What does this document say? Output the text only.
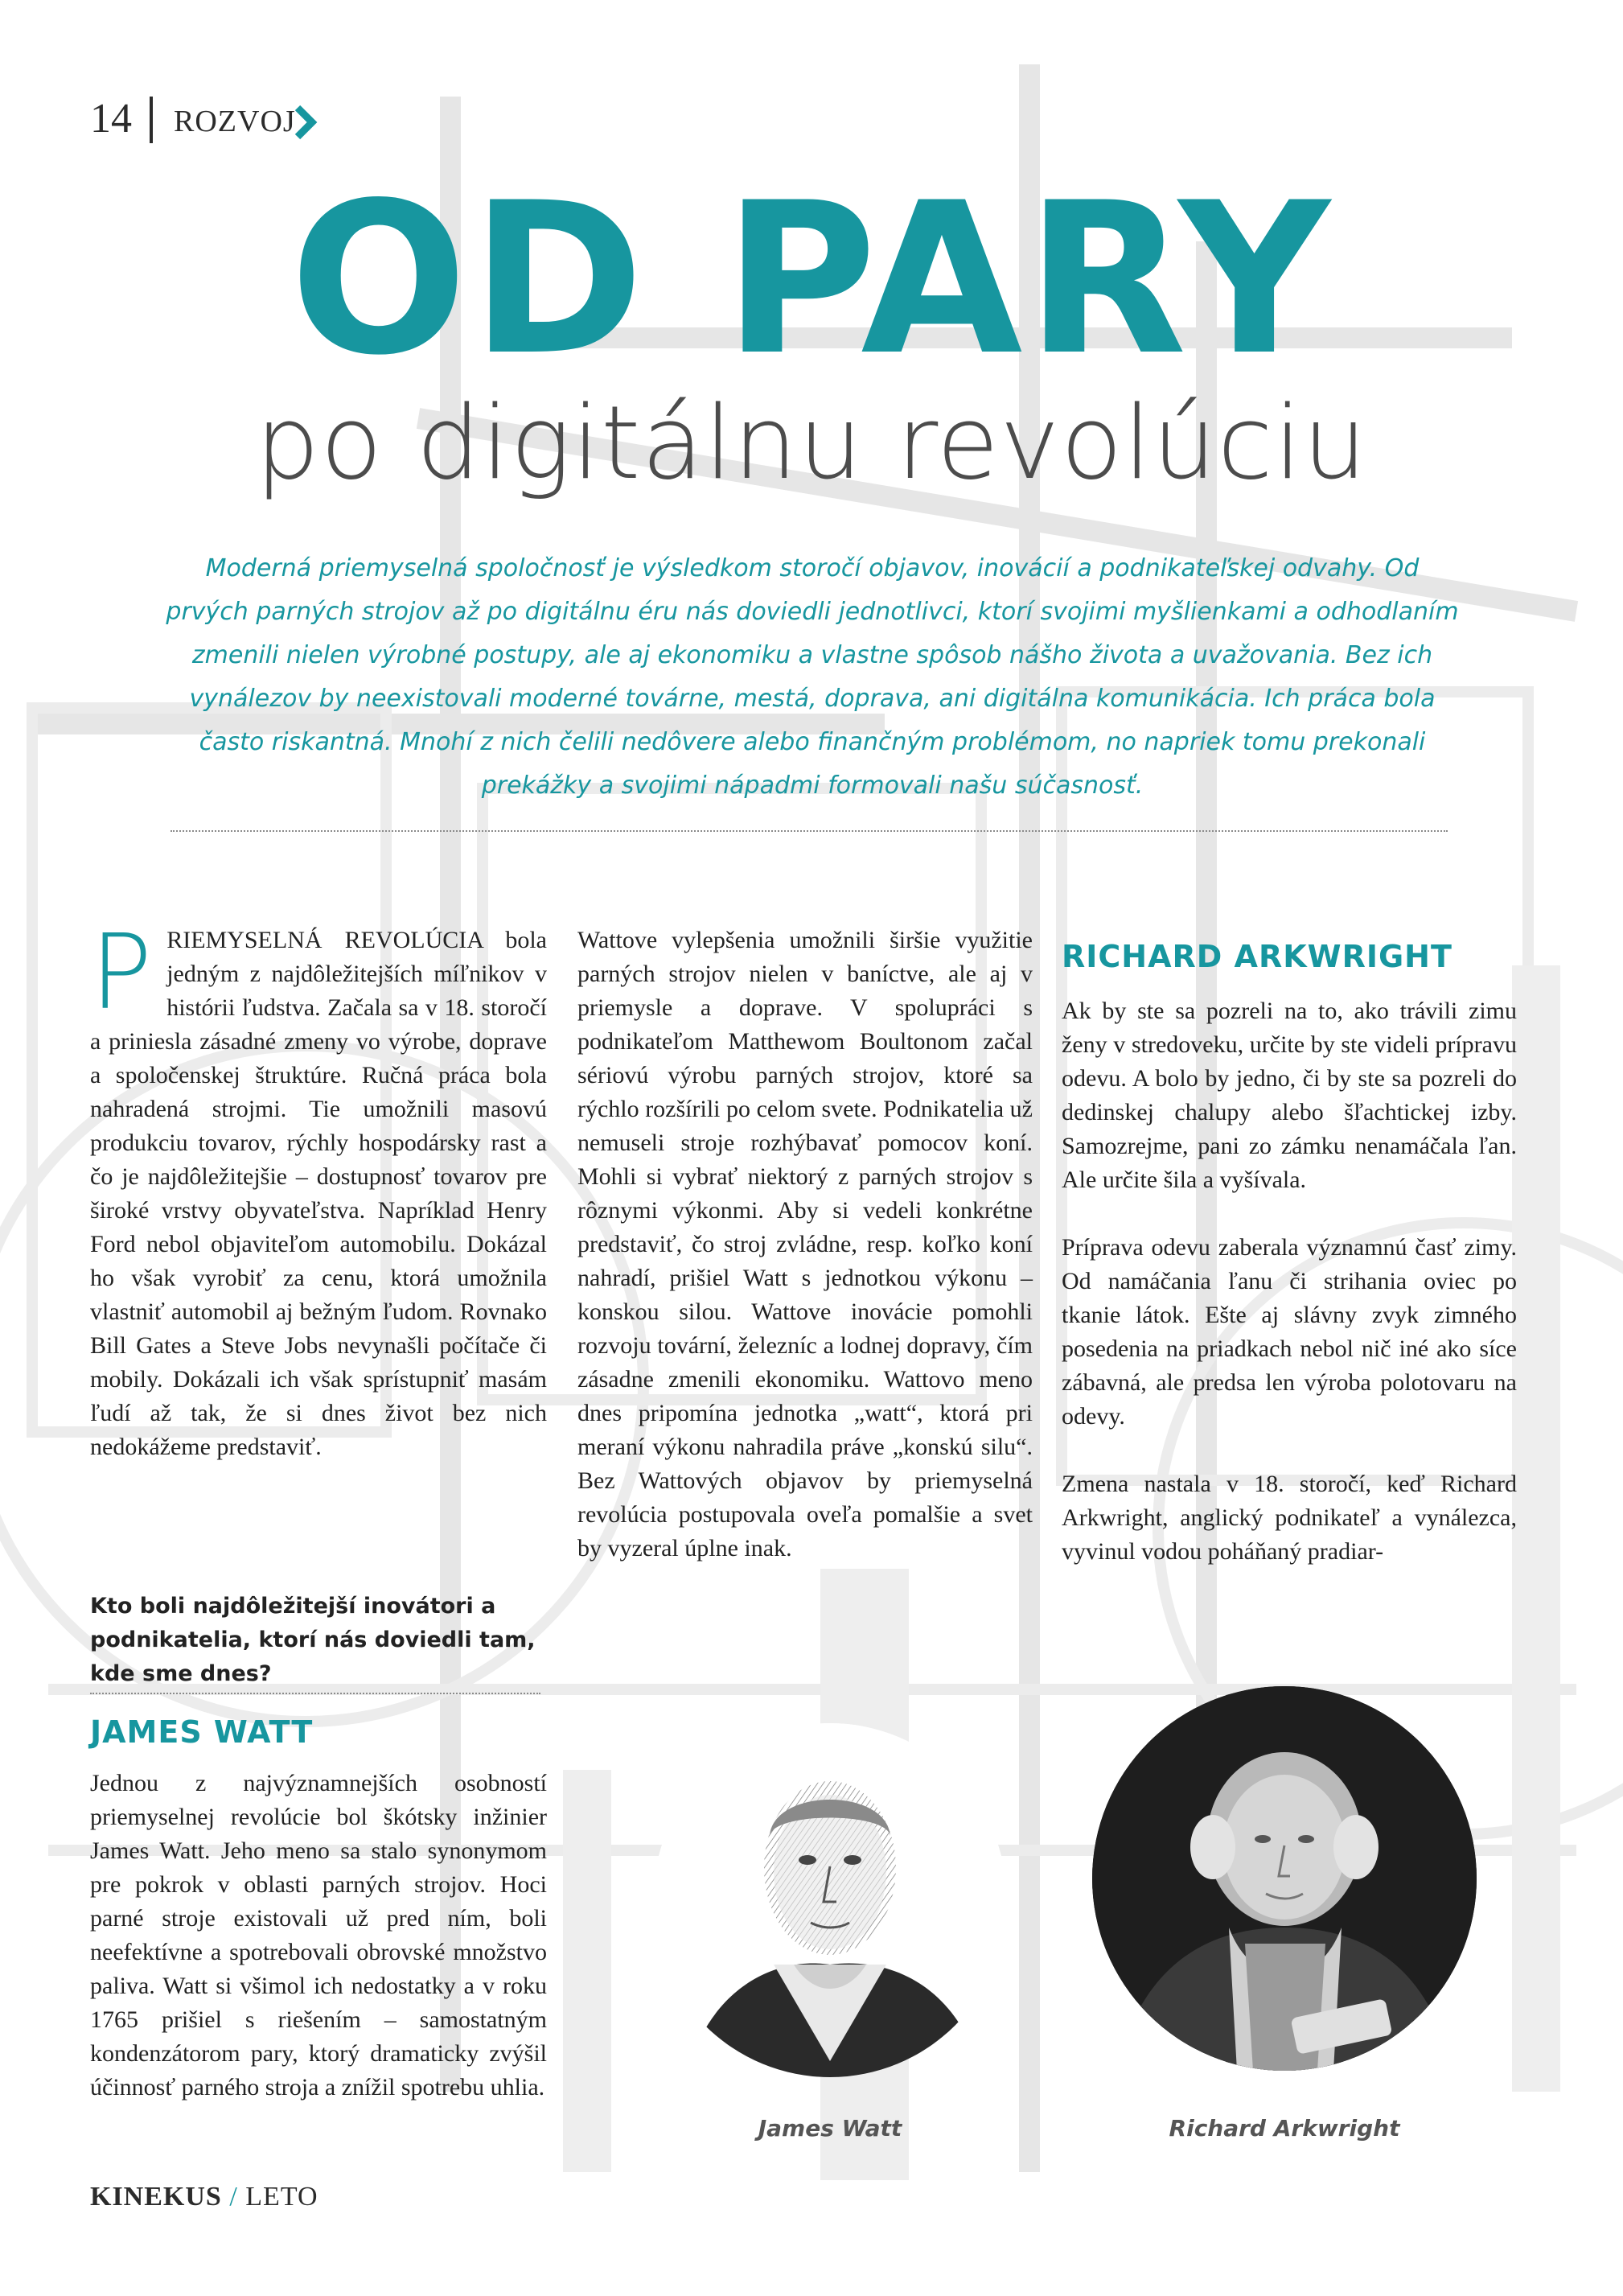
14 ROZVOJ
OD PARY
po digitálnu revolúciu

Moderná priemyselná spoločnosť je výsledkom storočí objavov, inovácií a podnikateľskej odvahy. Od prvých parných strojov až po digitálnu éru nás doviedli jednotlivci, ktorí svojimi myšlienkami a odhodlaním zmenili nielen výrobné postupy, ale aj ekonomiku a vlastne spôsob nášho života a uvažovania. Bez ich vynálezov by neexistovali moderné továrne, mestá, doprava, ani digitálna komunikácia. Ich práca bola často riskantná. Mnohí z nich čelili nedôvere alebo finančným problémom, no napriek tomu prekonali prekážky a svojimi nápadmi formovali našu súčasnosť.

PRIEMYSELNÁ REVOLÚCIA bola jedným z najdôležitejších míľnikov v histórii ľudstva. Začala sa v 18. storočí a priniesla zásadné zmeny vo výrobe, doprave a spoločenskej štruktúre. Ručná práca bola nahradená strojmi. Tie umožnili masovú produkciu tovarov, rýchly hospodársky rast a čo je najdôležitejšie – dostupnosť tovarov pre široké vrstvy obyvateľstva. Napríklad Henry Ford nebol objaviteľom automobilu. Dokázal ho však vyrobiť za cenu, ktorá umožnila vlastniť automobil aj bežným ľudom. Rovnako Bill Gates a Steve Jobs nevynašli počítače či mobily. Dokázali ich však sprístupniť masám ľudí až tak, že si dnes život bez nich nedokážeme predstaviť.

Kto boli najdôležitejší inovátori a podnikatelia, ktorí nás doviedli tam, kde sme dnes?
JAMES WATT

Jednou z najvýznamnejších osobností priemyselnej revolúcie bol škótsky inžinier James Watt. Jeho meno sa stalo synonymom pre pokrok v oblasti parných strojov. Hoci parné stroje existovali už pred ním, boli neefektívne a spotrebovali obrovské množstvo paliva. Watt si všimol ich nedostatky a v roku 1765 prišiel s riešením – samostatným kondenzátorom pary, ktorý dramaticky zvýšil účinnosť parného stroja a znížil spotrebu uhlia.

Wattove vylepšenia umožnili širšie využitie parných strojov nielen v baníctve, ale aj v priemysle a doprave. V spolupráci s podnikateľom Matthewom Boultonom začal sériovú výrobu parných strojov, ktoré sa rýchlo rozšírili po celom svete. Podnikatelia už nemuseli stroje rozhýbavať pomocov koní. Mohli si vybrať niektorý z parných strojov s rôznymi výkonmi. Aby si vedeli konkrétne predstaviť, čo stroj zvládne, resp. koľko koní nahradí, prišiel Watt s jednotkou výkonu – konskou silou. Wattove inovácie pomohli rozvoju tovární, železníc a lodnej dopravy, čím zásadne zmenili ekonomiku. Wattovo meno dnes pripomína jednotka „watt“, ktorá pri meraní výkonu nahradila práve „konskú silu“. Bez Wattových objavov by priemyselná revolúcia postupovala oveľa pomalšie a svet by vyzeral úplne inak.

RICHARD ARKWRIGHT

Ak by ste sa pozreli na to, ako trávili zimu ženy v stredoveku, určite by ste videli prípravu odevu. A bolo by jedno, či by ste sa pozreli do dedinskej chalupy alebo šľachtickej izby. Samozrejme, pani zo zámku nenamáčala ľan. Ale určite šila a vyšívala.

Príprava odevu zaberala významnú časť zimy. Od namáčania ľanu či strihania oviec po tkanie látok. Ešte aj slávny zvyk zimného posedenia na priadkach nebol nič iné ako síce zábavná, ale predsa len výroba polotovaru na odevy.

Zmena nastala v 18. storočí, keď Richard Arkwright, anglický podnikateľ a vynálezca, vyvinul vodou poháňaný pradiar-

James Watt	Richard Arkwright
KINEKUS / LETO
